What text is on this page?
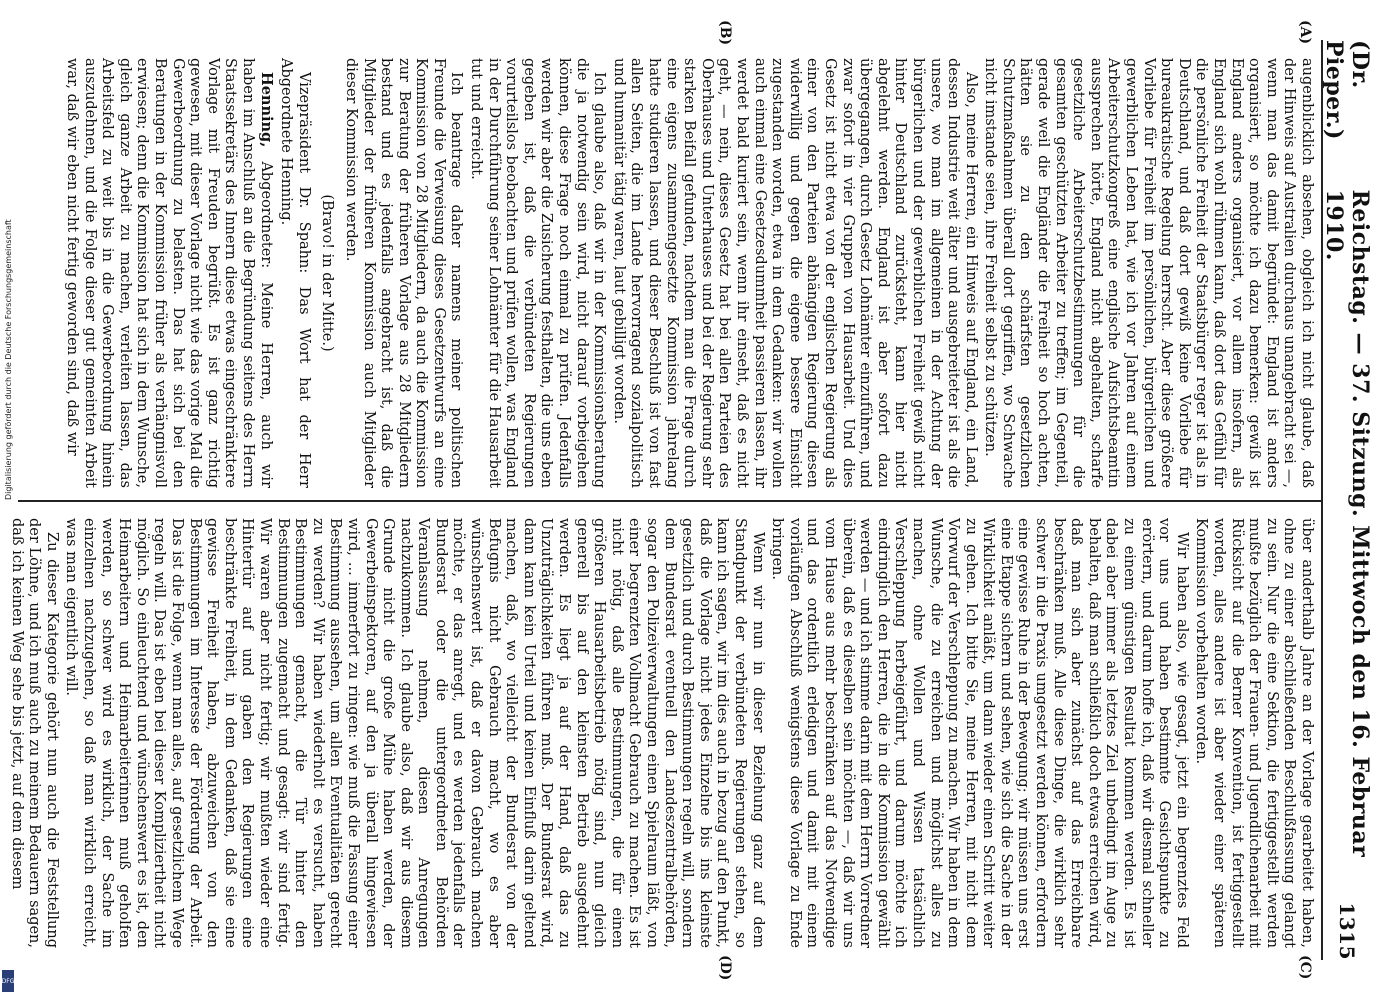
(Dr. Pieper.)
Reichstag. — 37. Sitzung. Mittwoch den 16. Februar 1910.
1315
(A)
(B)
(C)
(D)

augenblicklich absehen, obgleich ich nicht glaube, daß der Hinweis auf Australien durchaus unangebracht sei —, wenn man das damit begründet: England ist anders organisiert, so möchte ich dazu bemerken: gewiß ist England anders organisiert, vor allem insofern, als England sich wohl rühmen kann, daß dort das Gefühl für die persönliche Freiheit der Staatsbürger reger ist als in Deutschland, und daß dort gewiß keine Vorliebe für bureaukratische Regelung herrscht. Aber diese größere Vorliebe für Freiheit im persönlichen, bürgerlichen und gewerblichen Leben hat, wie ich vor Jahren auf einem Arbeiterschutzkongreß eine englische Aufsichtsbeamtin aussprechen hörte, England nicht abgehalten, scharfe gesetzliche Arbeiterschutzbestimmungen für die gesamten geschützten Arbeiter zu treffen; im Gegenteil, gerade weil die Engländer die Freiheit so hoch achten, hätten sie zu den schärfsten gesetzlichen Schutzmaßnahmen überall dort gegriffen, wo Schwache nicht imstande seien, ihre Freiheit selbst zu schützen.

Also, meine Herren, ein Hinweis auf England, ein Land, dessen Industrie weit älter und ausgebreiteter ist als die unsere, wo man im allgemeinen in der Achtung der bürgerlichen und der gewerblichen Freiheit gewiß nicht hinter Deutschland zurücksteht, kann hier nicht abgelehnt werden. England ist aber sofort dazu übergegangen, durch Gesetz Lohnämter einzuführen, und zwar sofort in vier Gruppen von Hausarbeit. Und dies Gesetz ist nicht etwa von der englischen Regierung als einer von den Parteien abhängigen Regierung diesen widerwillig und gegen die eigene bessere Einsicht zugestanden worden, etwa in dem Gedanken: wir wollen auch einmal eine Gesetzesdummheit passieren lassen, ihr werdet bald kuriert sein, wenn ihr einseht, daß es nicht geht, — nein, dieses Gesetz hat bei allen Parteien des Oberhauses und Unterhauses und bei der Regierung sehr starken Beifall gefunden, nachdem man die Frage durch eine eigens zusammengesetzte Kommission jahrelang hatte studieren lassen, und dieser Beschluß ist von fast allen Seiten, die im Lande hervorragend sozialpolitisch und humanitär tätig waren, laut gebilligt worden.

Ich glaube also, daß wir in der Kommissionsberatung die ja notwendig sein wird, nicht darauf vorbeigehen können, diese Frage noch einmal zu prüfen. Jedenfalls werden wir aber die Zusicherung festhalten, die uns eben gegeben ist, daß die verbündeten Regierungen vorurteilslos beobachten und prüfen wollen, was England in der Durchführung seiner Lohnämter für die Hausarbeit tut und erreicht.

Ich beantrage daher namens meiner politischen Freunde die Verweisung dieses Gesetzentwurfs an eine Kommission von 28 Mitgliedern, da auch die Kommission zur Beratung der früheren Vorlage aus 28 Mitgliedern bestand und es jedenfalls angebracht ist, daß die Mitglieder der früheren Kommission auch Mitglieder dieser Kommission werden.

(Bravo! in der Mitte.)

Vizepräsident Dr. Spahn: Das Wort hat der Herr Abgeordnete Henning.

Henning, Abgeordneter: Meine Herren, auch wir haben im Anschluß an die Begründung seitens des Herrn Staatssekretärs des Innern diese etwas eingeschränktere Vorlage mit Freuden begrüßt. Es ist ganz richtig gewesen, mit dieser Vorlage nicht wie das vorige Mal die Gewerbeordnung zu belasten. Das hat sich bei den Beratungen in der Kommission früher als verhängnisvoll erwiesen; denn die Kommission hat sich in dem Wunsche, gleich ganze Arbeit zu machen, verleiten lassen, das Arbeitsfeld zu weit bis in die Gewerbeordnung hinein auszudehnen, und die Folge dieser gut gemeinten Arbeit war, daß wir eben nicht fertig geworden sind, daß wir

über anderthalb Jahre an der Vorlage gearbeitet haben, ohne zu einer abschließenden Beschlußfassung gelangt zu sein. Nur die eine Sektion, die fertiggestellt werden mußte bezüglich der Frauen- und Jugendlichenarbeit mit Rücksicht auf die Berner Konvention, ist fertiggestellt worden, alles andere ist aber wieder einer späteren Kommission vorbehalten worden.

Wir haben also, wie gesagt, jetzt ein begrenztes Feld vor uns und haben bestimmte Gesichtspunkte zu erörtern, und darum hoffe ich, daß wir diesmal schneller zu einem günstigen Resultat kommen werden. Es ist dabei aber immer als letztes Ziel unbedingt im Auge zu behalten, daß man schließlich doch etwas erreichen wird, daß man sich aber zunächst auf das Erreichbare beschränken muß. Alle diese Dinge, die wirklich sehr schwer in die Praxis umgesetzt werden können, erfordern eine gewisse Ruhe in der Bewegung; wir müssen uns erst eine Etappe sichern und sehen, wie sich die Sache in der Wirklichkeit anläßt, um dann wieder einen Schritt weiter zu gehen. Ich bitte Sie, meine Herren, mit nicht dem Vorwurf der Verschleppung zu machen. Wir haben in dem Wunsche, die zu erreichen und möglichst alles zu machen, ohne Wollen und Wissen tatsächlich Verschleppung herbeigeführt, und darum möchte ich eindringlich den Herren, die in die Kommission gewählt werden — und ich stimme darin mit dem Herrn Vorredner überein, daß es dieselben sein möchten —, daß wir uns vom Hause aus mehr beschränken auf das Notwendige und das ordentlich erledigen und damit mit einem vorläufigen Abschluß wenigstens diese Vorlage zu Ende bringen.

Wenn wir nun in dieser Beziehung ganz auf dem Standpunkt der verbündeten Regierungen stehen, so kann ich sagen, wir im dies auch in bezug auf den Punkt, daß die Vorlage nicht jedes Einzelne bis ins kleinste gesetzlich und durch Bestimmungen regeln will, sondern dem Bundesrat eventuell den Landeszentralbehörden, sogar den Polizeiverwaltungen einen Spielraum läßt, von einer begrenzten Vollmacht Gebrauch zu machen. Es ist nicht nötig, daß alle Bestimmungen, die für einen größeren Hausarbeitsbetrieb nötig sind, nun gleich generell bis auf den kleinsten Betrieb ausgedehnt werden. Es liegt ja auf der Hand, daß das zu Unzuträglichkeiten führen muß. Der Bundesrat wird, dann kann kein Urteil und keinen Einfluß darin geltend machen, daß, wo vielleicht der Bundesrat von der Befugnis nicht Gebrauch macht, wo es aber wünschenswert ist, daß er davon Gebrauch machen möchte, er das anregt, und es werden jedenfalls der Bundesrat oder die untergeordneten Behörden Veranlassung nehmen, diesen Anregungen nachzukommen. Ich glaube also, daß wir aus diesem Grunde nicht die große Mühe haben werden, der Gewerbeinspektoren, auf den ja überall hingewiesen wird, ... immerfort zu ringen: wie muß die Fassung einer Bestimmung aussehen, um allen Eventualitäten gerecht zu werden? Wir haben wiederholt es versucht, haben Bestimmungen gemacht, die Tür hinter den Bestimmungen zugemacht und gesagt: wir sind fertig. Wir waren aber nicht fertig; wir mußten wieder eine Hintertür auf und gaben den Regierungen eine beschränkte Freiheit, in dem Gedanken, daß sie eine gewisse Freiheit haben, abzuweichen von den Bestimmungen im Interesse der Förderung der Arbeit. Das ist die Folge, wenn man alles, auf gesetzlichem Wege regeln will. Das ist eben bei dieser Kompliziertheit nicht möglich. So einleuchtend und wünschenswert es ist, den Heimarbeitern und Heimarbeiterinnen muß geholfen werden, so schwer wird es wirklich, der Sache im einzelnen nachzugehen, so daß man wirklich erreicht, was man eigentlich will.

Zu dieser Kategorie gehört nun auch die Feststellung der Löhne, und ich muß auch zu meinem Bedauern sagen, daß ich keinen Weg sehe bis jetzt, auf dem diesem

Digitalisierung gefördert durch die Deutsche Forschungsgemeinschaft
DFG
